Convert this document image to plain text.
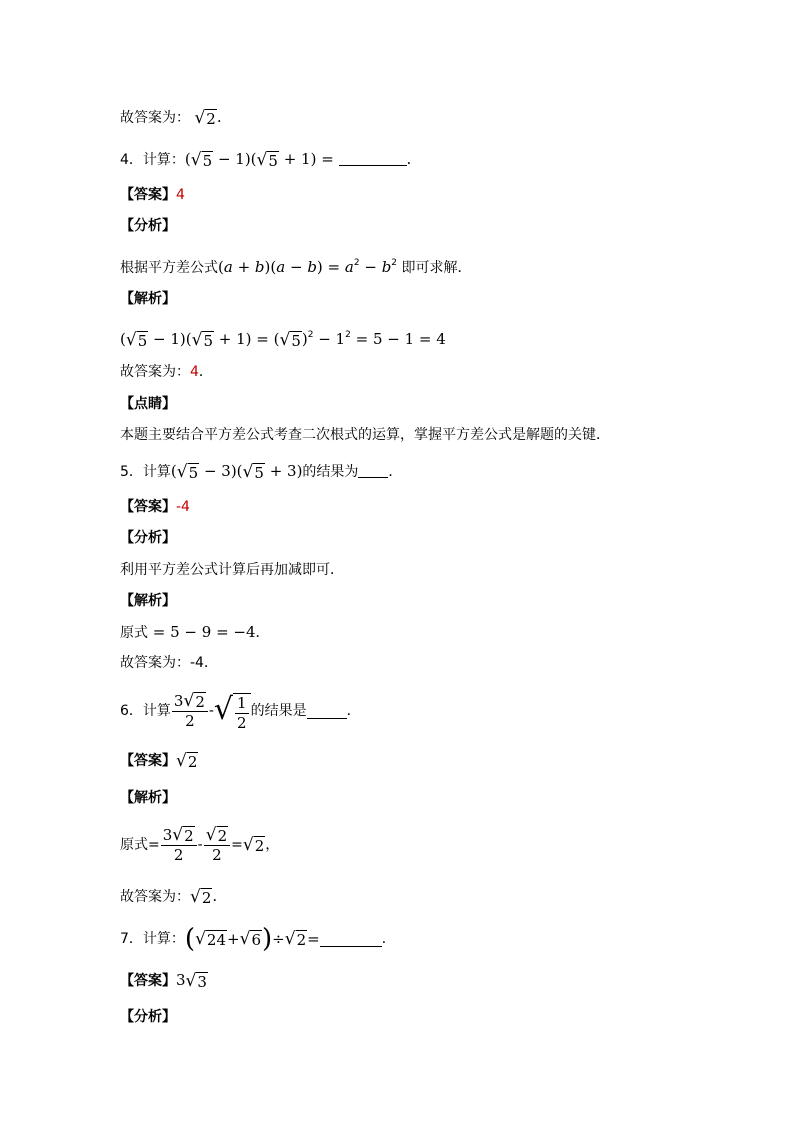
故答案为： √ 2 .
4．计算：( √ 5 − 1)( √ 5 + 1) =	.
【答案】4
【分析】
根据平方差公式$(a + b)(a - b) = a^2 - b^2$ 即可求解．
【解析】
( √ 5 − 1)( √ 5 + 1) = ( √ 5 )$^2 - 1^2 = 5 - 1 = 4$
故答案为：4．
【点睛】
本题主要结合平方差公式考查二次根式的运算，掌握平方差公式是解题的关键．
5．计算( √ 5 − 3)( √ 5 + 3)的结果为 ．
【答案】-4
【分析】
利用平方差公式计算后再加减即可．
【解析】
原式 = 5 − 9 = −4．
故答案为：-4．
6．计算 $\frac{3 √ 2}{2}$ - √ $\frac{1}{2}$ 的结果是	．
【答案】 √ 2
【解析】
原式= $\frac{3 √ 2}{2} - \frac{√ 2}{2}$ = √ 2 ，
故答案为： √ 2 .
7．计算： ( √ 24 + √ 6 ) ÷ √ 2 =	．
【答案】3 √ 3
【分析】
